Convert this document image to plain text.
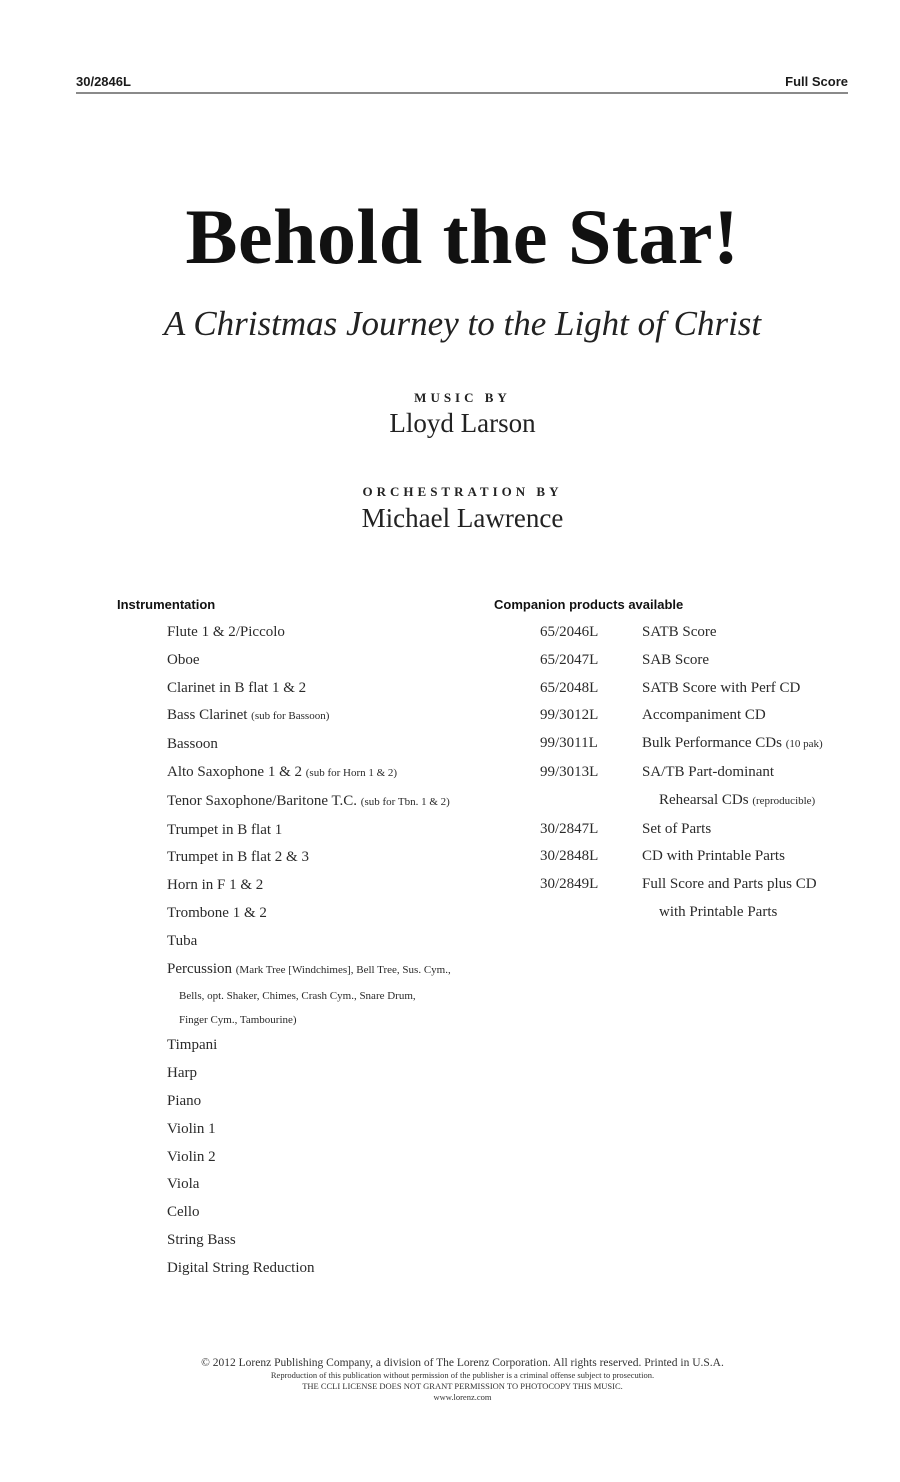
30/2846L	Full Score
Behold the Star!
A Christmas Journey to the Light of Christ
MUSIC BY
Lloyd Larson
ORCHESTRATION BY
Michael Lawrence
Instrumentation
Flute 1 & 2/Piccolo
Oboe
Clarinet in B flat 1 & 2
Bass Clarinet (sub for Bassoon)
Bassoon
Alto Saxophone 1 & 2 (sub for Horn 1 & 2)
Tenor Saxophone/Baritone T.C. (sub for Tbn. 1 & 2)
Trumpet in B flat 1
Trumpet in B flat 2 & 3
Horn in F 1 & 2
Trombone 1 & 2
Tuba
Percussion (Mark Tree [Windchimes], Bell Tree, Sus. Cym.,
Bells, opt. Shaker, Chimes, Crash Cym., Snare Drum,
Finger Cym., Tambourine)
Timpani
Harp
Piano
Violin 1
Violin 2
Viola
Cello
String Bass
Digital String Reduction
Companion products available
65/2046L	SATB Score
65/2047L	SAB Score
65/2048L	SATB Score with Perf CD
99/3012L	Accompaniment CD
99/3011L	Bulk Performance CDs (10 pak)
99/3013L	SA/TB Part-dominant
Rehearsal CDs (reproducible)
30/2847L	Set of Parts
30/2848L	CD with Printable Parts
30/2849L	Full Score and Parts plus CD
with Printable Parts
© 2012 Lorenz Publishing Company, a division of The Lorenz Corporation. All rights reserved. Printed in U.S.A.
Reproduction of this publication without permission of the publisher is a criminal offense subject to prosecution.
THE CCLI LICENSE DOES NOT GRANT PERMISSION TO PHOTOCOPY THIS MUSIC.
www.lorenz.com
